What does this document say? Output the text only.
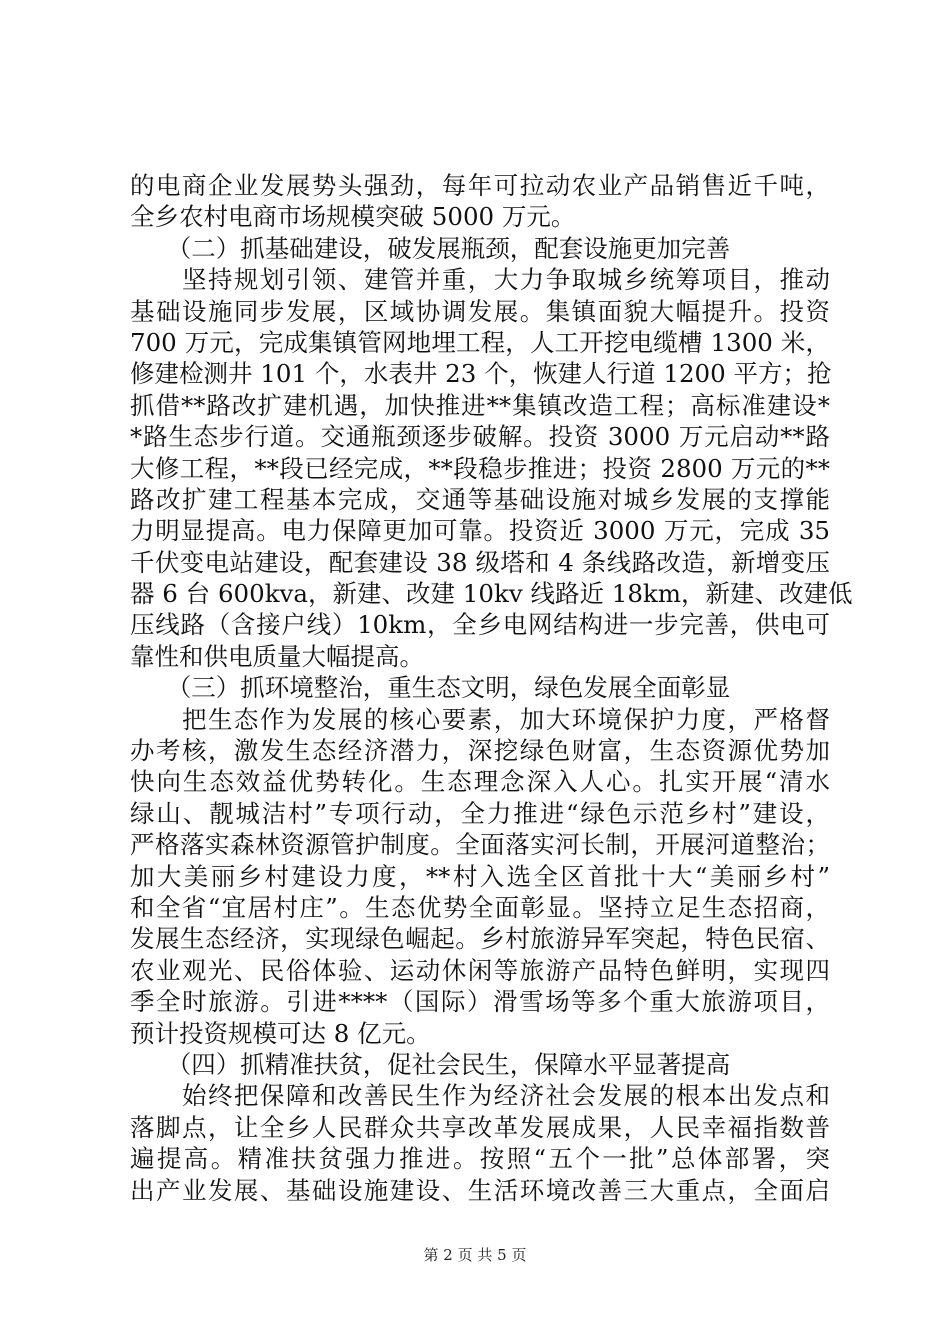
的电商企业发展势头强劲，每年可拉动农业产品销售近千吨，
全乡农村电商市场规模突破 5000 万元。
　　（二）抓基础建设，破发展瓶颈，配套设施更加完善
　　坚持规划引领、建管并重，大力争取城乡统筹项目，推动
基础设施同步发展，区域协调发展。集镇面貌大幅提升。投资
700 万元，完成集镇管网地埋工程，人工开挖电缆槽 1300 米，
修建检测井 101 个，水表井 23 个，恢建人行道 1200 平方；抢
抓借**路改扩建机遇，加快推进**集镇改造工程；高标准建设*
*路生态步行道。交通瓶颈逐步破解。投资 3000 万元启动**路
大修工程，**段已经完成，**段稳步推进；投资 2800 万元的**
路改扩建工程基本完成，交通等基础设施对城乡发展的支撑能
力明显提高。电力保障更加可靠。投资近 3000 万元，完成 35
千伏变电站建设，配套建设 38 级塔和 4 条线路改造，新增变压
器 6 台 600kva，新建、改建 10kv 线路近 18km，新建、改建低
压线路（含接户线）10km，全乡电网结构进一步完善，供电可
靠性和供电质量大幅提高。
　　（三）抓环境整治，重生态文明，绿色发展全面彰显
　　把生态作为发展的核心要素，加大环境保护力度，严格督
办考核，激发生态经济潜力，深挖绿色财富，生态资源优势加
快向生态效益优势转化。生态理念深入人心。扎实开展“清水
绿山、靓城洁村”专项行动，全力推进“绿色示范乡村”建设，
严格落实森林资源管护制度。全面落实河长制，开展河道整治；
加大美丽乡村建设力度，**村入选全区首批十大“美丽乡村”
和全省“宜居村庄”。生态优势全面彰显。坚持立足生态招商，
发展生态经济，实现绿色崛起。乡村旅游异军突起，特色民宿、
农业观光、民俗体验、运动休闲等旅游产品特色鲜明，实现四
季全时旅游。引进****（国际）滑雪场等多个重大旅游项目，
预计投资规模可达 8 亿元。
　　（四）抓精准扶贫，促社会民生，保障水平显著提高
　　始终把保障和改善民生作为经济社会发展的根本出发点和
落脚点，让全乡人民群众共享改革发展成果，人民幸福指数普
遍提高。精准扶贫强力推进。按照“五个一批”总体部署，突
出产业发展、基础设施建设、生活环境改善三大重点，全面启
第 2 页 共 5 页
